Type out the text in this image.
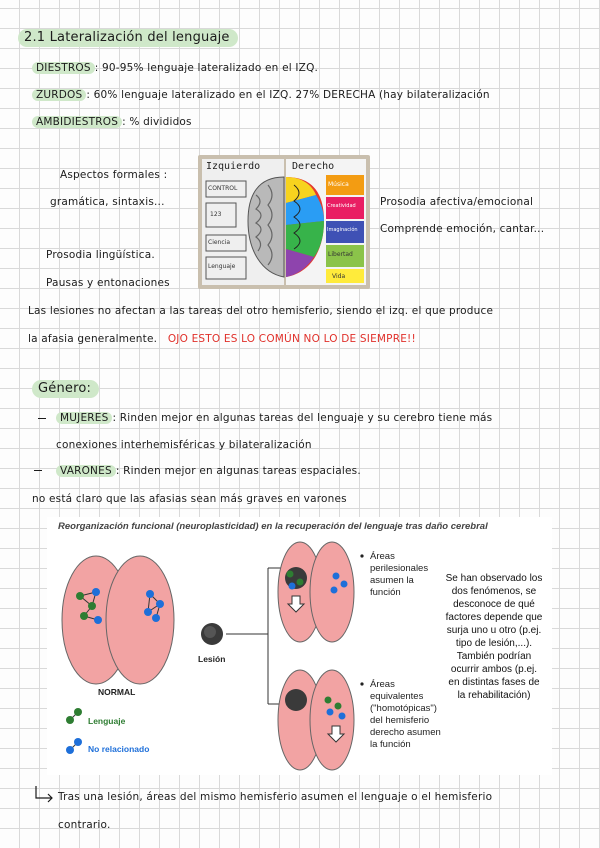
2.1 Lateralización del lenguaje
DIESTROS : 90-95% lenguaje lateralizado en el IZQ.
ZURDOS : 60% lenguaje lateralizado en el IZQ. 27% DERECHA (hay bilateralización
AMBIDIESTROS : % divididos
Aspectos formales :
gramática, sintaxis...
Prosodia lingüística.
Pausas y entonaciones
Prosodia afectiva/emocional
Comprende emoción, cantar...
Izquierdo	Derecho
CONTROL
123
Ciencia
Lenguaje
Música
Creatividad
Imaginación
Libertad
Vida
Las lesiones no afectan a las tareas del otro hemisferio, siendo el izq. el que produce
la afasia generalmente. OJO ESTO ES LO COMÚN NO LO DE SIEMPRE!!
Género:
MUJERES : Rinden mejor en algunas tareas del lenguaje y su cerebro tiene más
conexiones interhemisféricas y bilateralización
VARONES : Rinden mejor en algunas tareas espaciales.
no está claro que las afasias sean más graves en varones
Reorganización funcional (neuroplasticidad) en la recuperación del lenguaje tras daño cerebral
NORMAL
Lesión
Lenguaje
No relacionado
Áreas perilesionales asumen la función
Áreas equivalentes ("homotópicas") del hemisferio derecho asumen la función
Se han observado los dos fenómenos, se desconoce de qué factores depende que surja uno u otro (p.ej. tipo de lesión,...). También podrían ocurrir ambos (p.ej. en distintas fases de la rehabilitación)
Tras una lesión, áreas del mismo hemisferio asumen el lenguaje o el hemisferio
contrario.
